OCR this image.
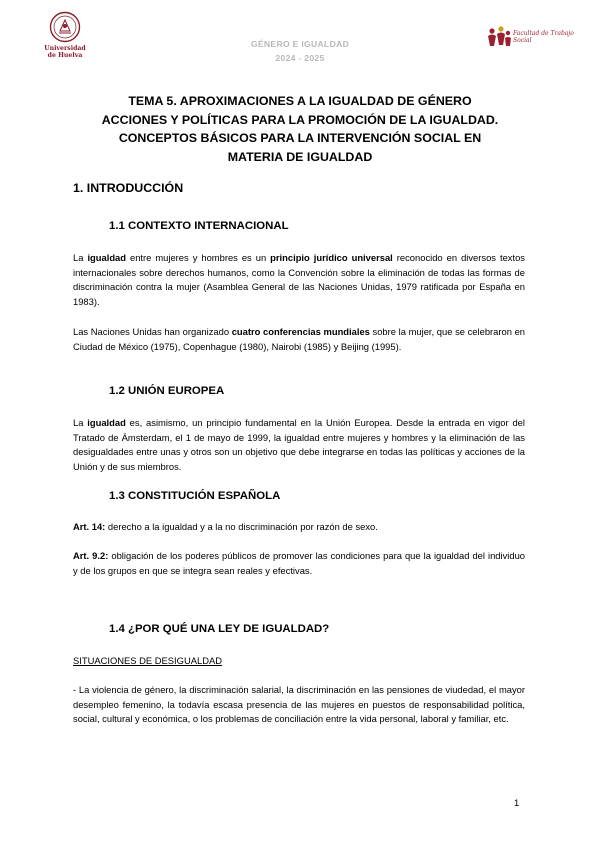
Universidad de Huelva
GÉNERO E IGUALDAD
2024 - 2025
Facultad de Trabajo Social
TEMA 5. APROXIMACIONES A LA IGUALDAD DE GÉNERO
ACCIONES Y POLÍTICAS PARA LA PROMOCIÓN DE LA IGUALDAD.
CONCEPTOS BÁSICOS PARA LA INTERVENCIÓN SOCIAL EN
MATERIA DE IGUALDAD
1. INTRODUCCIÓN
1.1 CONTEXTO INTERNACIONAL

La igualdad entre mujeres y hombres es un principio jurídico universal reconocido en diversos textos internacionales sobre derechos humanos, como la Convención sobre la eliminación de todas las formas de discriminación contra la mujer (Asamblea General de las Naciones Unidas, 1979 ratificada por España en 1983).

Las Naciones Unidas han organizado cuatro conferencias mundiales sobre la mujer, que se celebraron en Ciudad de México (1975), Copenhague (1980), Nairobi (1985) y Beijing (1995).

1.2 UNIÓN EUROPEA

La igualdad es, asimismo, un principio fundamental en la Unión Europea. Desde la entrada en vigor del Tratado de Ámsterdam, el 1 de mayo de 1999, la igualdad entre mujeres y hombres y la eliminación de las desigualdades entre unas y otros son un objetivo que debe integrarse en todas las políticas y acciones de la Unión y de sus miembros.

1.3 CONSTITUCIÓN ESPAÑOLA

Art. 14: derecho a la igualdad y a la no discriminación por razón de sexo.

Art. 9.2: obligación de los poderes públicos de promover las condiciones para que la igualdad del individuo y de los grupos en que se integra sean reales y efectivas.

1.4 ¿POR QUÉ UNA LEY DE IGUALDAD?
SITUACIONES DE DESIGUALDAD

- La violencia de género, la discriminación salarial, la discriminación en las pensiones de viudedad, el mayor desempleo femenino, la todavía escasa presencia de las mujeres en puestos de responsabilidad política, social, cultural y económica, o los problemas de conciliación entre la vida personal, laboral y familiar, etc.

1
